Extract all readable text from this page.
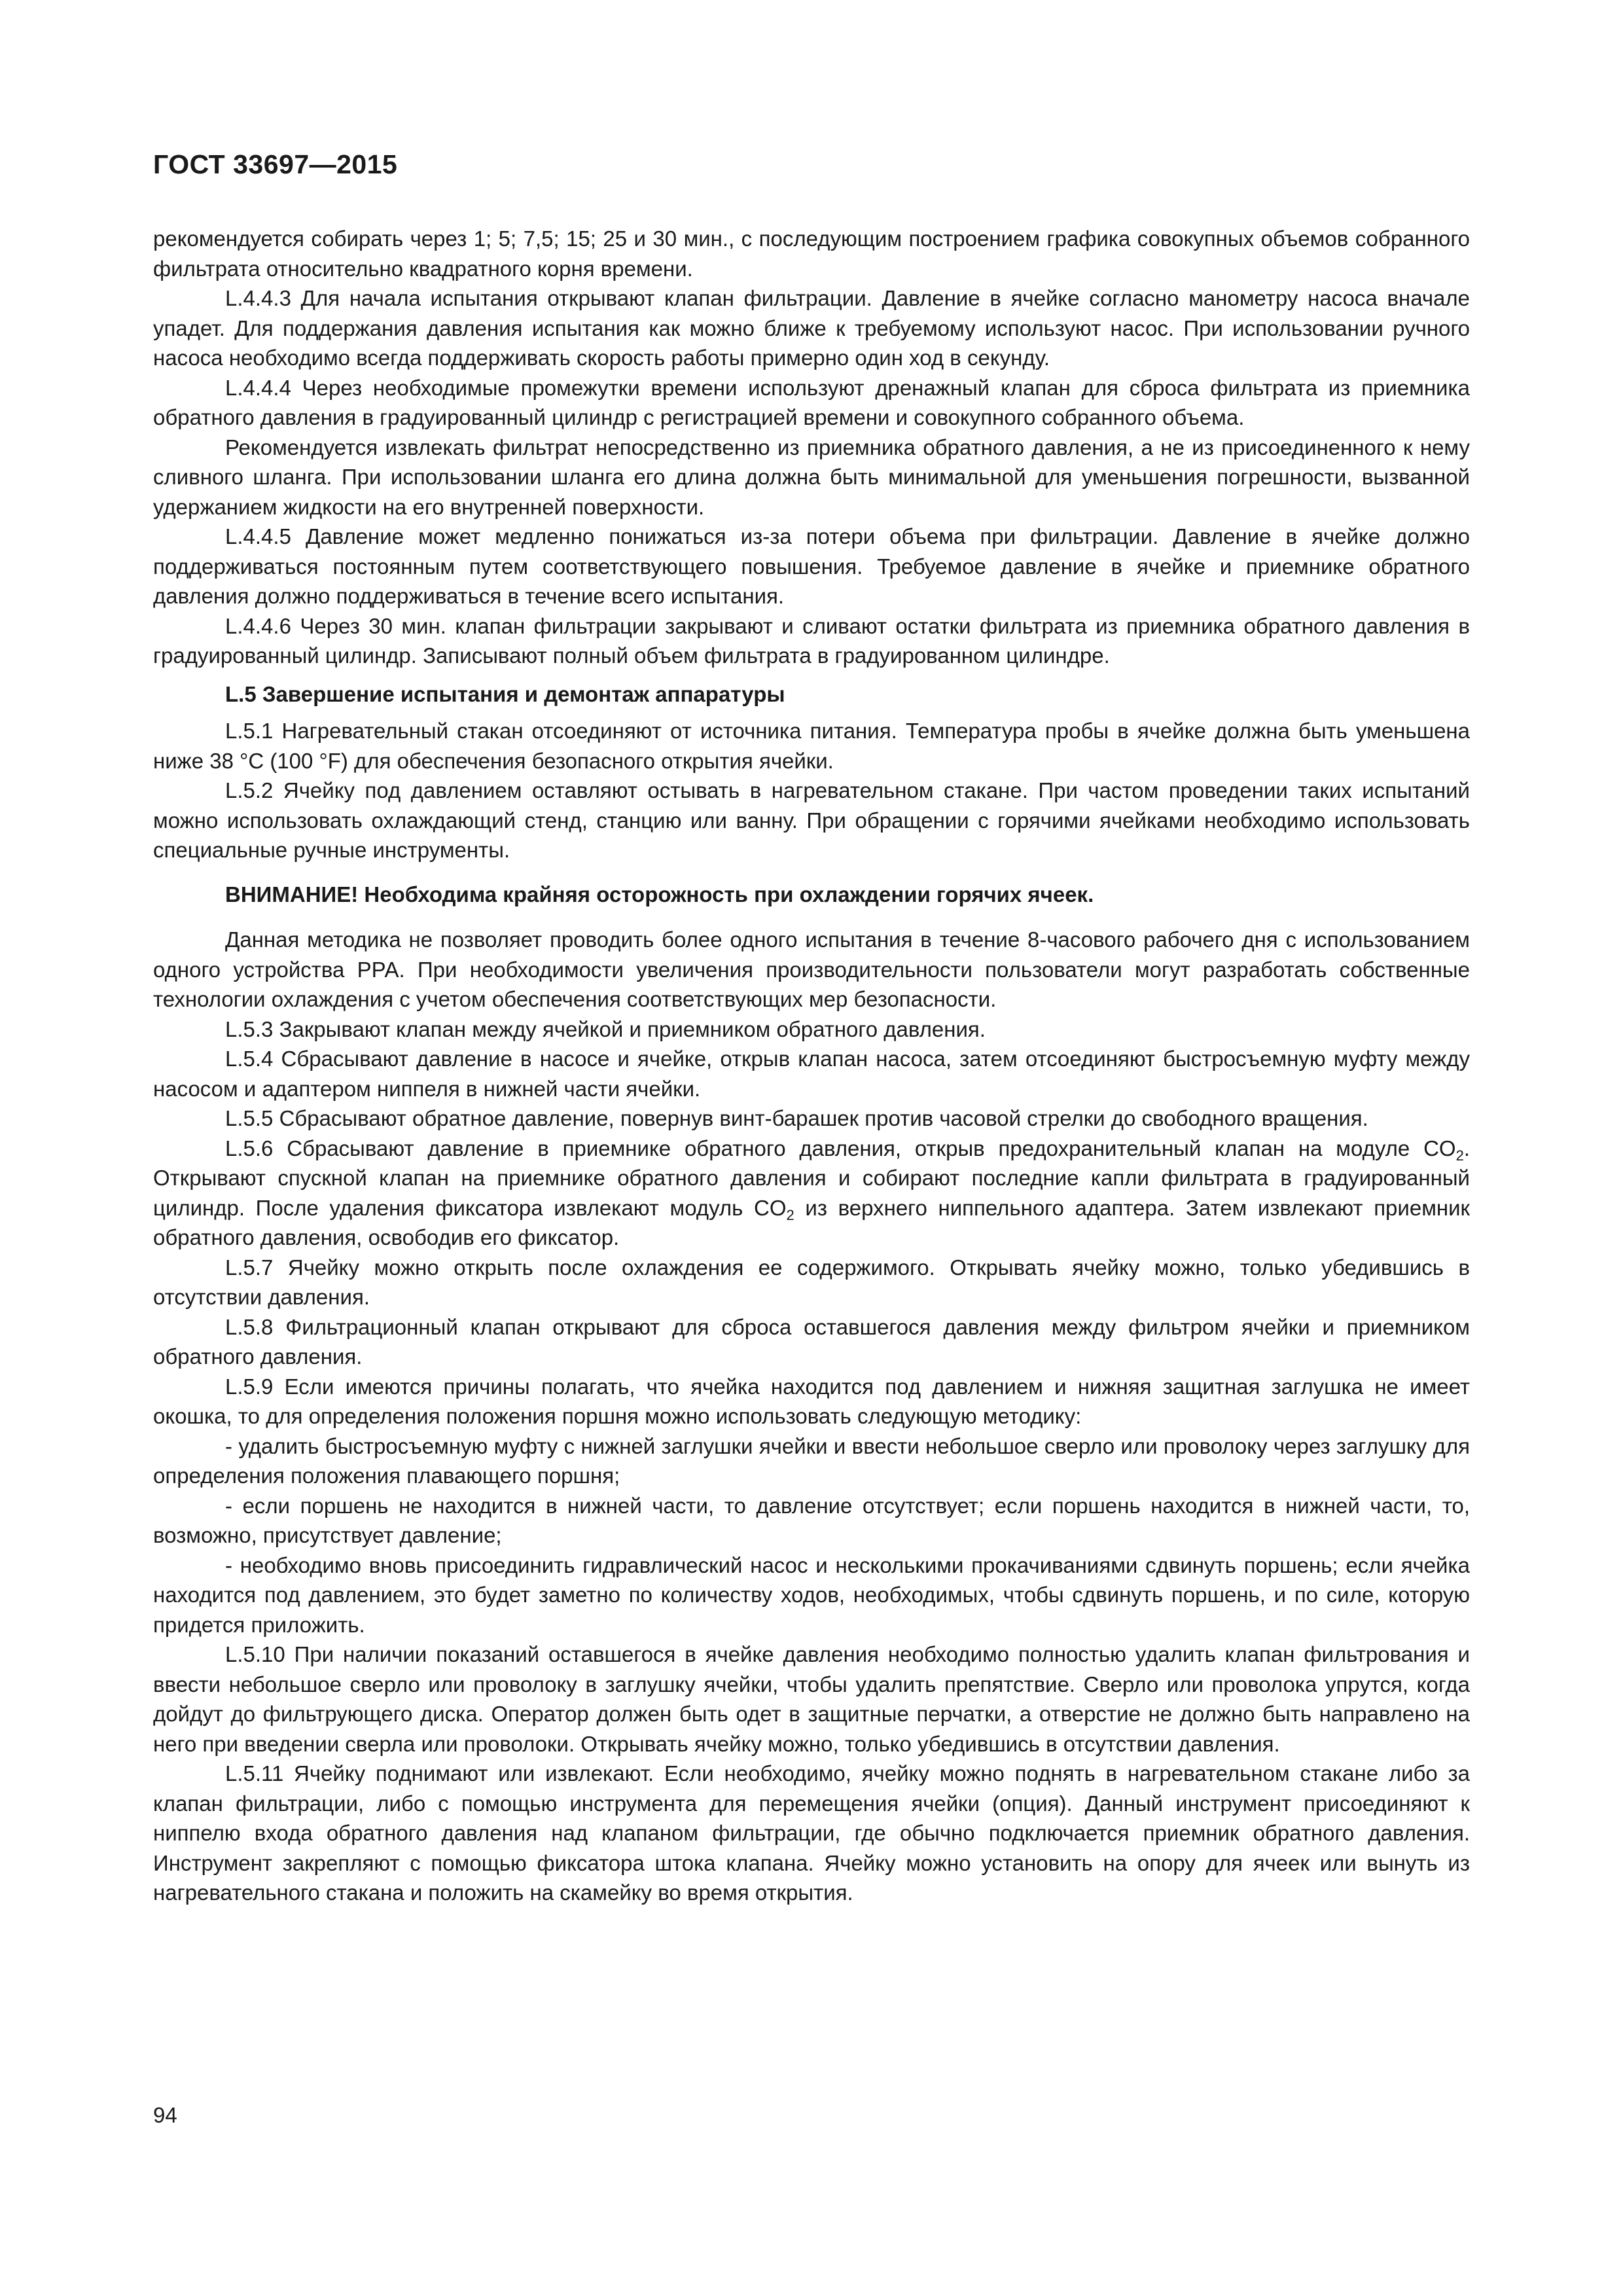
ГОСТ 33697—2015

рекомендуется собирать через 1; 5; 7,5; 15; 25 и 30 мин., с последующим построением графика совокупных объемов собранного фильтрата относительно квадратного корня времени.

L.4.4.3 Для начала испытания открывают клапан фильтрации. Давление в ячейке согласно манометру насоса вначале упадет. Для поддержания давления испытания как можно ближе к требуемому используют насос. При использовании ручного насоса необходимо всегда поддерживать скорость работы примерно один ход в секунду.

L.4.4.4 Через необходимые промежутки времени используют дренажный клапан для сброса фильтрата из приемника обратного давления в градуированный цилиндр с регистрацией времени и совокупного собранного объема.

Рекомендуется извлекать фильтрат непосредственно из приемника обратного давления, а не из присоединенного к нему сливного шланга. При использовании шланга его длина должна быть минимальной для уменьшения погрешности, вызванной удержанием жидкости на его внутренней поверхности.

L.4.4.5 Давление может медленно понижаться из-за потери объема при фильтрации. Давление в ячейке должно поддерживаться постоянным путем соответствующего повышения. Требуемое давление в ячейке и приемнике обратного давления должно поддерживаться в течение всего испытания.

L.4.4.6 Через 30 мин. клапан фильтрации закрывают и сливают остатки фильтрата из приемника обратного давления в градуированный цилиндр. Записывают полный объем фильтрата в градуированном цилиндре.

L.5 Завершение испытания и демонтаж аппаратуры

L.5.1 Нагревательный стакан отсоединяют от источника питания. Температура пробы в ячейке должна быть уменьшена ниже 38 °C (100 °F) для обеспечения безопасного открытия ячейки.

L.5.2 Ячейку под давлением оставляют остывать в нагревательном стакане. При частом проведении таких испытаний можно использовать охлаждающий стенд, станцию или ванну. При обращении с горячими ячейками необходимо использовать специальные ручные инструменты.

ВНИМАНИЕ! Необходима крайняя осторожность при охлаждении горячих ячеек.

Данная методика не позволяет проводить более одного испытания в течение 8-часового рабочего дня с использованием одного устройства РРА. При необходимости увеличения производительности пользователи могут разработать собственные технологии охлаждения с учетом обеспечения соответствующих мер безопасности.

L.5.3 Закрывают клапан между ячейкой и приемником обратного давления.

L.5.4 Сбрасывают давление в насосе и ячейке, открыв клапан насоса, затем отсоединяют быстросъемную муфту между насосом и адаптером ниппеля в нижней части ячейки.

L.5.5 Сбрасывают обратное давление, повернув винт-барашек против часовой стрелки до свободного вращения.

L.5.6 Сбрасывают давление в приемнике обратного давления, открыв предохранительный клапан на модуле $CO_2$. Открывают спускной клапан на приемнике обратного давления и собирают последние капли фильтрата в градуированный цилиндр. После удаления фиксатора извлекают модуль $CO_2$ из верхнего ниппельного адаптера. Затем извлекают приемник обратного давления, освободив его фиксатор.

L.5.7 Ячейку можно открыть после охлаждения ее содержимого. Открывать ячейку можно, только убедившись в отсутствии давления.

L.5.8 Фильтрационный клапан открывают для сброса оставшегося давления между фильтром ячейки и приемником обратного давления.

L.5.9 Если имеются причины полагать, что ячейка находится под давлением и нижняя защитная заглушка не имеет окошка, то для определения положения поршня можно использовать следующую методику:

- удалить быстросъемную муфту с нижней заглушки ячейки и ввести небольшое сверло или проволоку через заглушку для определения положения плавающего поршня;

- если поршень не находится в нижней части, то давление отсутствует; если поршень находится в нижней части, то, возможно, присутствует давление;

- необходимо вновь присоединить гидравлический насос и несколькими прокачиваниями сдвинуть поршень; если ячейка находится под давлением, это будет заметно по количеству ходов, необходимых, чтобы сдвинуть поршень, и по силе, которую придется приложить.

L.5.10 При наличии показаний оставшегося в ячейке давления необходимо полностью удалить клапан фильтрования и ввести небольшое сверло или проволоку в заглушку ячейки, чтобы удалить препятствие. Сверло или проволока упрутся, когда дойдут до фильтрующего диска. Оператор должен быть одет в защитные перчатки, а отверстие не должно быть направлено на него при введении сверла или проволоки. Открывать ячейку можно, только убедившись в отсутствии давления.

L.5.11 Ячейку поднимают или извлекают. Если необходимо, ячейку можно поднять в нагревательном стакане либо за клапан фильтрации, либо с помощью инструмента для перемещения ячейки (опция). Данный инструмент присоединяют к ниппелю входа обратного давления над клапаном фильтрации, где обычно подключается приемник обратного давления. Инструмент закрепляют с помощью фиксатора штока клапана. Ячейку можно установить на опору для ячеек или вынуть из нагревательного стакана и положить на скамейку во время открытия.

94
